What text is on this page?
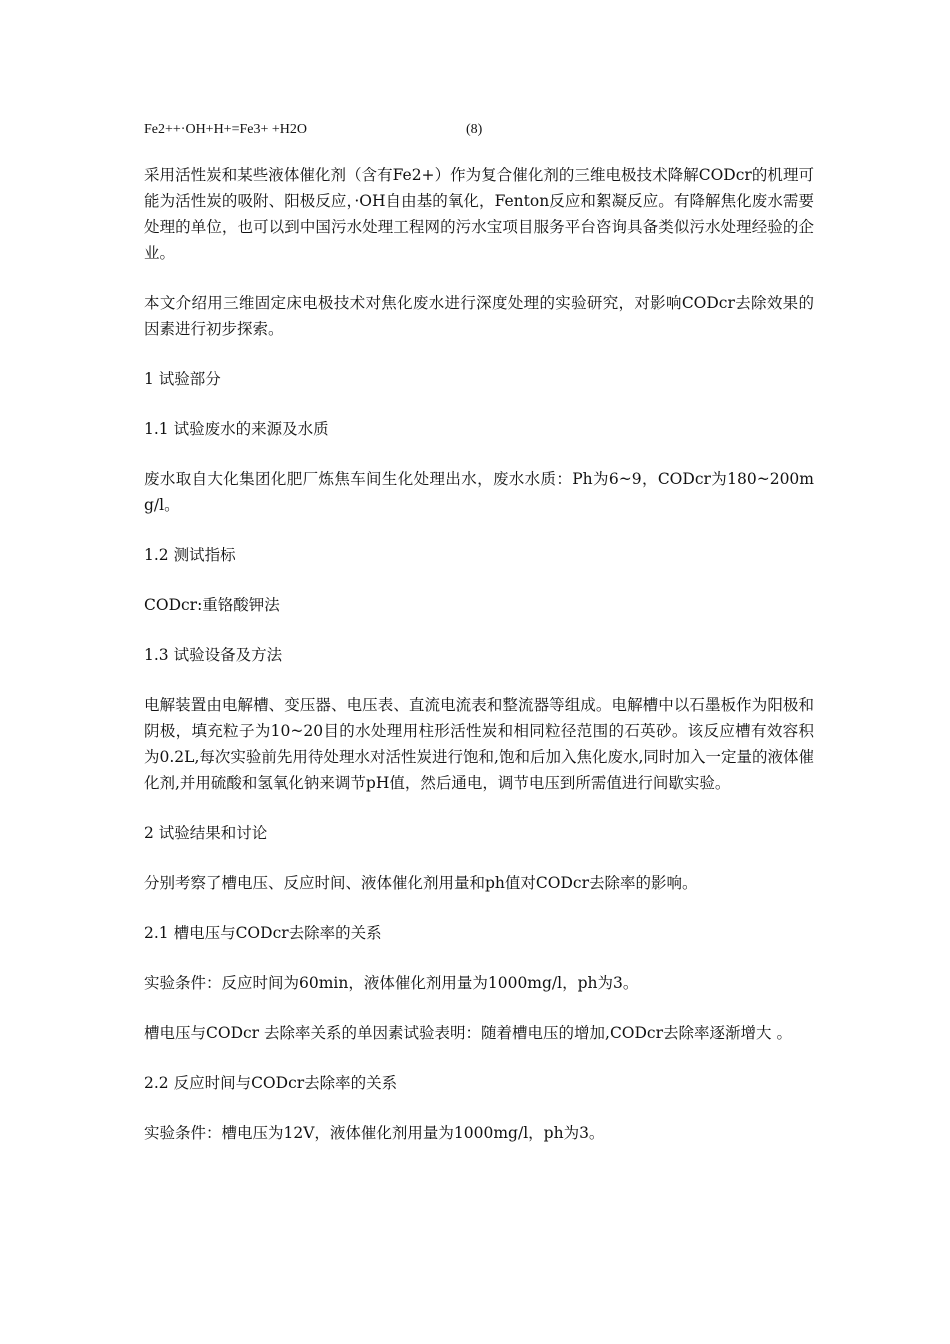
Fe2++·OH+H+=Fe3+ +H2O	(8)

采用活性炭和某些液体催化剂（含有Fe2+）作为复合催化剂的三维电极技术降解CODcr的机理可能为活性炭的吸附、阳极反应，·OH自由基的氧化，Fenton反应和絮凝反应。有降解焦化废水需要处理的单位，也可以到中国污水处理工程网的污水宝项目服务平台咨询具备类似污水处理经验的企业。

本文介绍用三维固定床电极技术对焦化废水进行深度处理的实验研究，对影响CODcr去除效果的因素进行初步探索。

1 试验部分

1.1 试验废水的来源及水质

废水取自大化集团化肥厂炼焦车间生化处理出水，废水水质：Ph为6~9，CODcr为180~200mg/l。

1.2 测试指标

CODcr:重铬酸钾法

1.3 试验设备及方法

电解装置由电解槽、变压器、电压表、直流电流表和整流器等组成。电解槽中以石墨板作为阳极和阴极，填充粒子为10~20目的水处理用柱形活性炭和相同粒径范围的石英砂。该反应槽有效容积为0.2L,每次实验前先用待处理水对活性炭进行饱和,饱和后加入焦化废水,同时加入一定量的液体催化剂,并用硫酸和氢氧化钠来调节pH值，然后通电，调节电压到所需值进行间歇实验。

2 试验结果和讨论

分别考察了槽电压、反应时间、液体催化剂用量和ph值对CODcr去除率的影响。

2.1 槽电压与CODcr去除率的关系

实验条件：反应时间为60min，液体催化剂用量为1000mg/l，ph为3。

槽电压与CODcr 去除率关系的单因素试验表明：随着槽电压的增加,CODcr去除率逐渐增大 。

2.2 反应时间与CODcr去除率的关系

实验条件：槽电压为12V，液体催化剂用量为1000mg/l，ph为3。
